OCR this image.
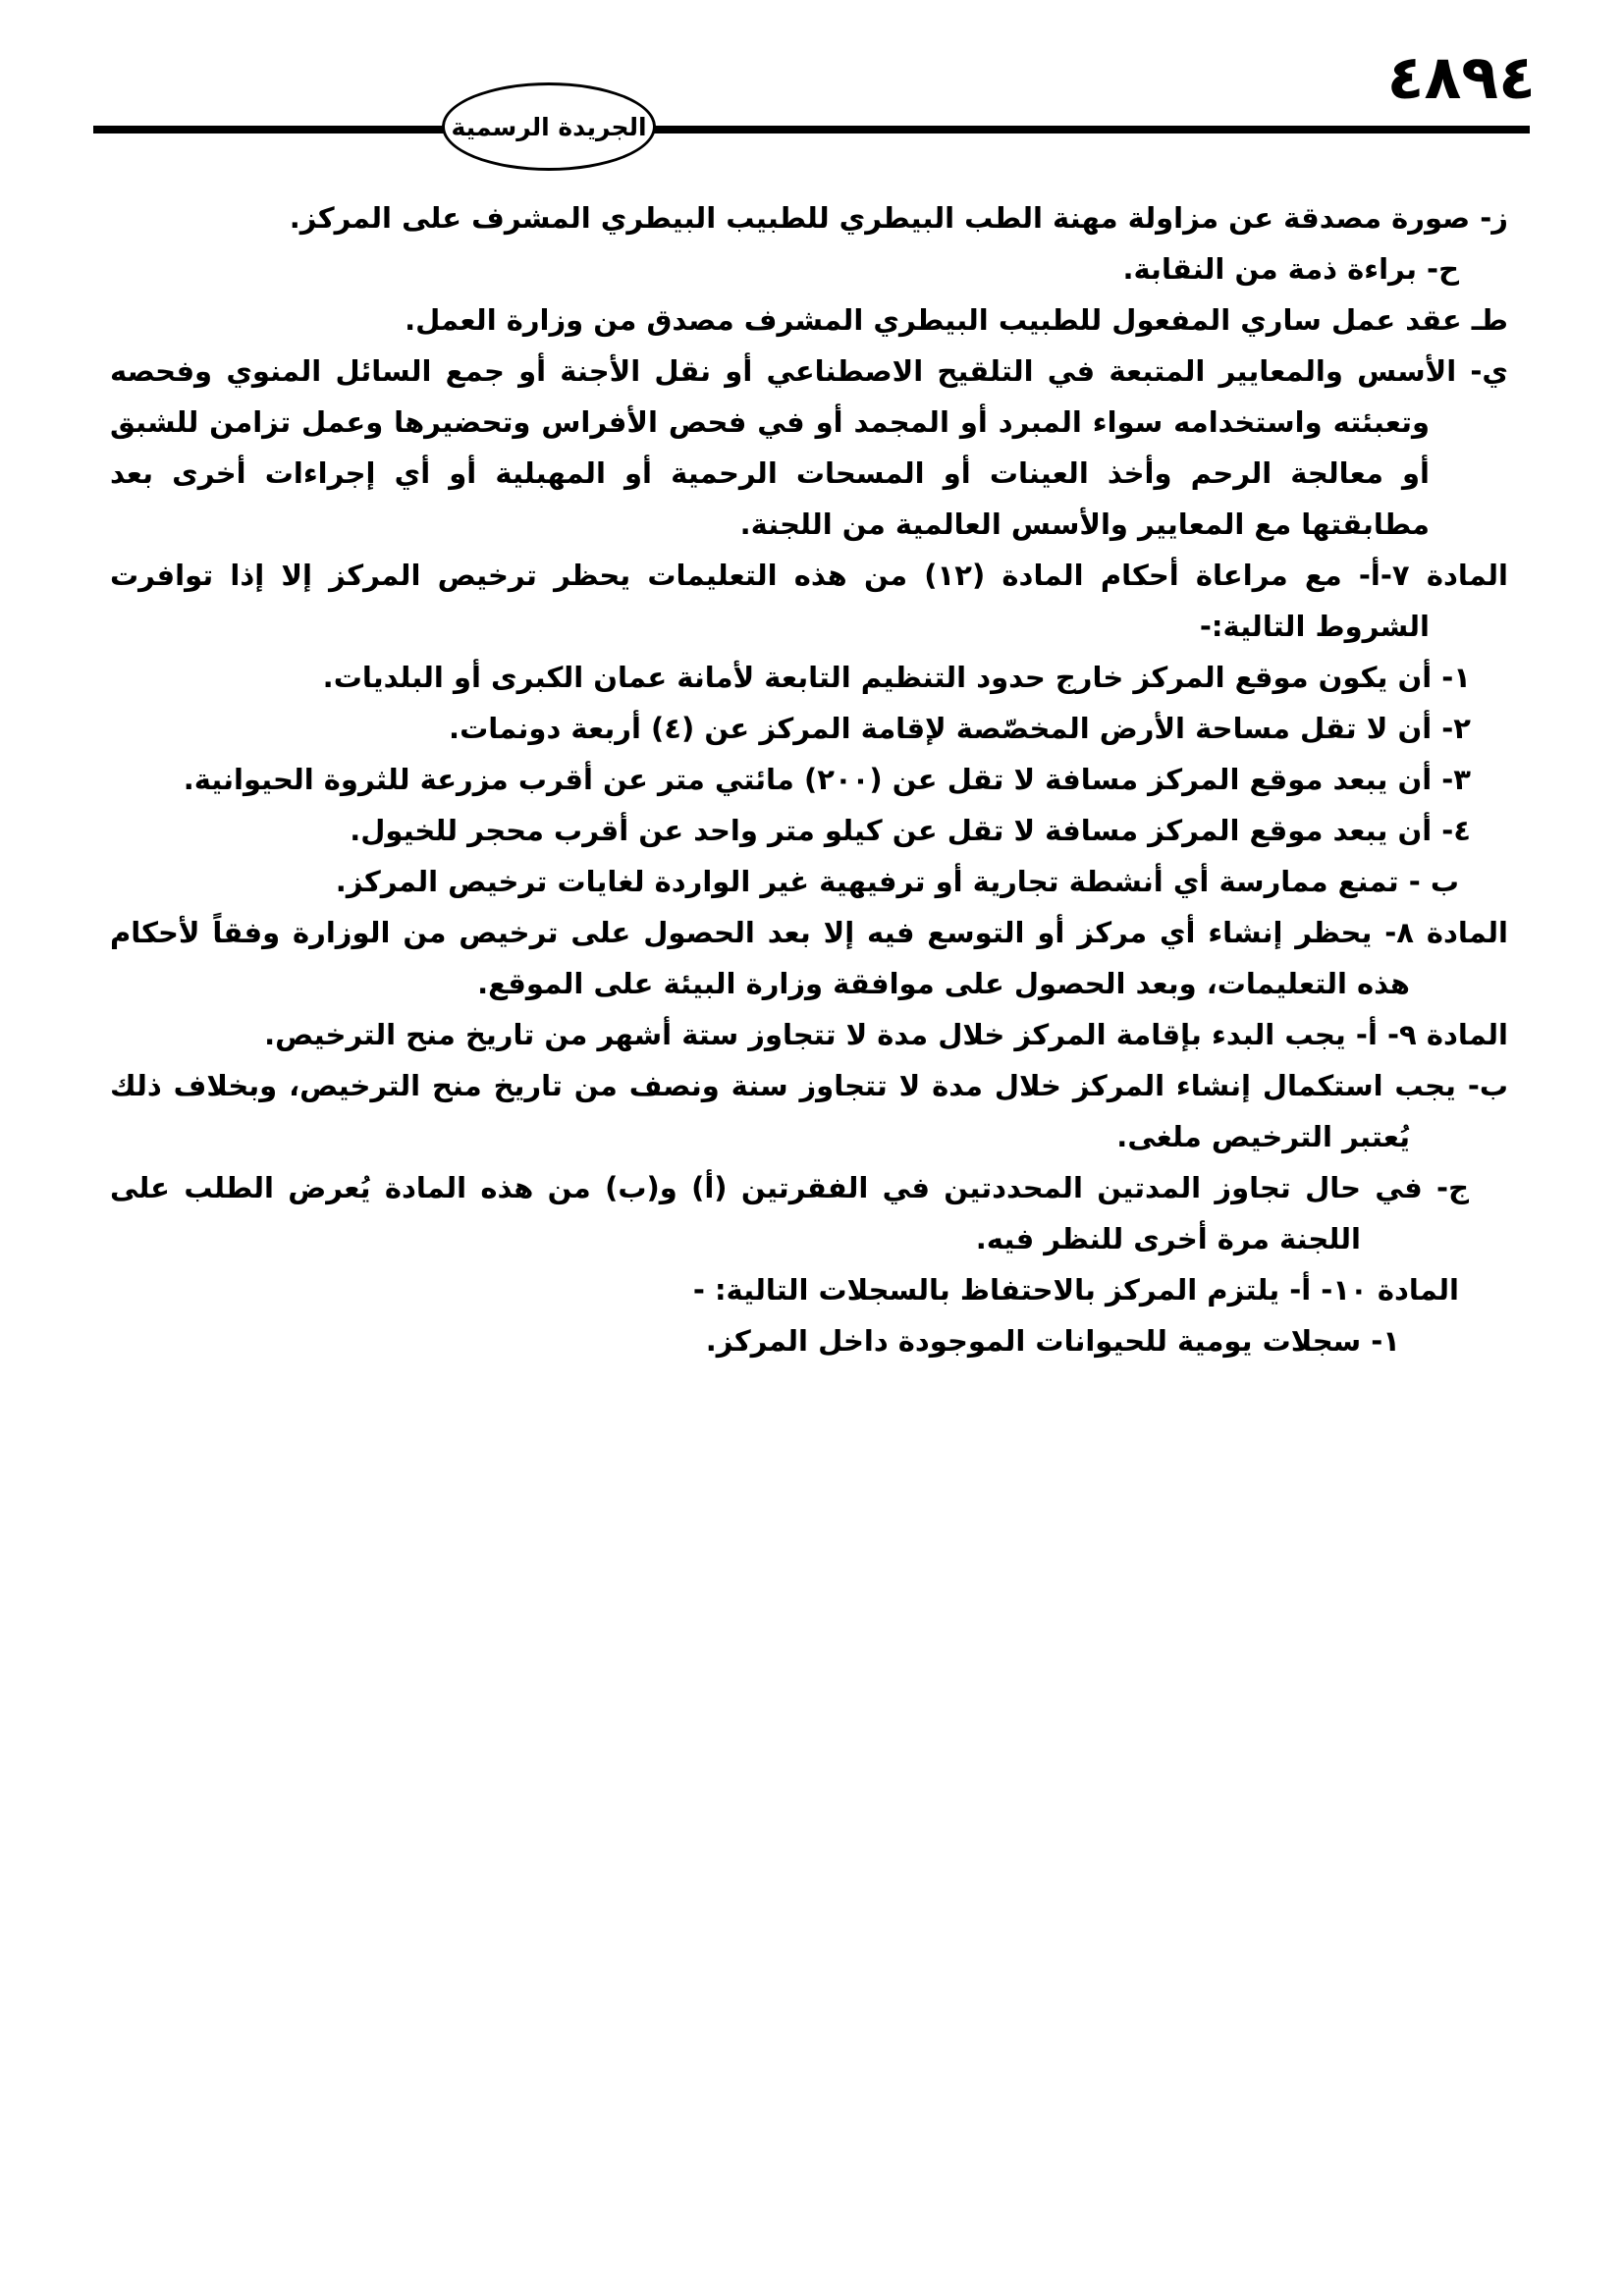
٤٨٩٤
الجريدة الرسمية

ز- صورة مصدقة عن مزاولة مهنة الطب البيطري للطبيب البيطري المشرف على المركز.

ح- براءة ذمة من النقابة.

طـ عقد عمل ساري المفعول للطبيب البيطري المشرف مصدق من وزارة العمل.

ي- الأسس والمعايير المتبعة في التلقيح الاصطناعي أو نقل الأجنة أو جمع السائل المنوي وفحصه وتعبئته واستخدامه سواء المبرد أو المجمد أو في فحص الأفراس وتحضيرها وعمل تزامن للشبق أو معالجة الرحم وأخذ العينات أو المسحات الرحمية أو المهبلية أو أي إجراءات أخرى بعد مطابقتها مع المعايير والأسس العالمية من اللجنة.

المادة ٧-أ- مع مراعاة أحكام المادة (١٢) من هذه التعليمات يحظر ترخيص المركز إلا إذا توافرت الشروط التالية:-

١- أن يكون موقع المركز خارج حدود التنظيم التابعة لأمانة عمان الكبرى أو البلديات.

٢- أن لا تقل مساحة الأرض المخصّصة لإقامة المركز عن (٤) أربعة دونمات.

٣- أن يبعد موقع المركز مسافة لا تقل عن (٢٠٠) مائتي متر عن أقرب مزرعة للثروة الحيوانية.

٤- أن يبعد موقع المركز مسافة لا تقل عن كيلو متر واحد عن أقرب محجر للخيول.

ب - تمنع ممارسة أي أنشطة تجارية أو ترفيهية غير الواردة لغايات ترخيص المركز.

المادة ٨- يحظر إنشاء أي مركز أو التوسع فيه إلا بعد الحصول على ترخيص من الوزارة وفقاً لأحكام هذه التعليمات، وبعد الحصول على موافقة وزارة البيئة على الموقع.

المادة ٩- أ- يجب البدء بإقامة المركز خلال مدة لا تتجاوز ستة أشهر من تاريخ منح الترخيص.

ب- يجب استكمال إنشاء المركز خلال مدة لا تتجاوز سنة ونصف من تاريخ منح الترخيص، وبخلاف ذلك يُعتبر الترخيص ملغى.

ج- في حال تجاوز المدتين المحددتين في الفقرتين (أ) و(ب) من هذه المادة يُعرض الطلب على اللجنة مرة أخرى للنظر فيه.

المادة ١٠- أ- يلتزم المركز بالاحتفاظ بالسجلات التالية: -

١- سجلات يومية للحيوانات الموجودة داخل المركز.
